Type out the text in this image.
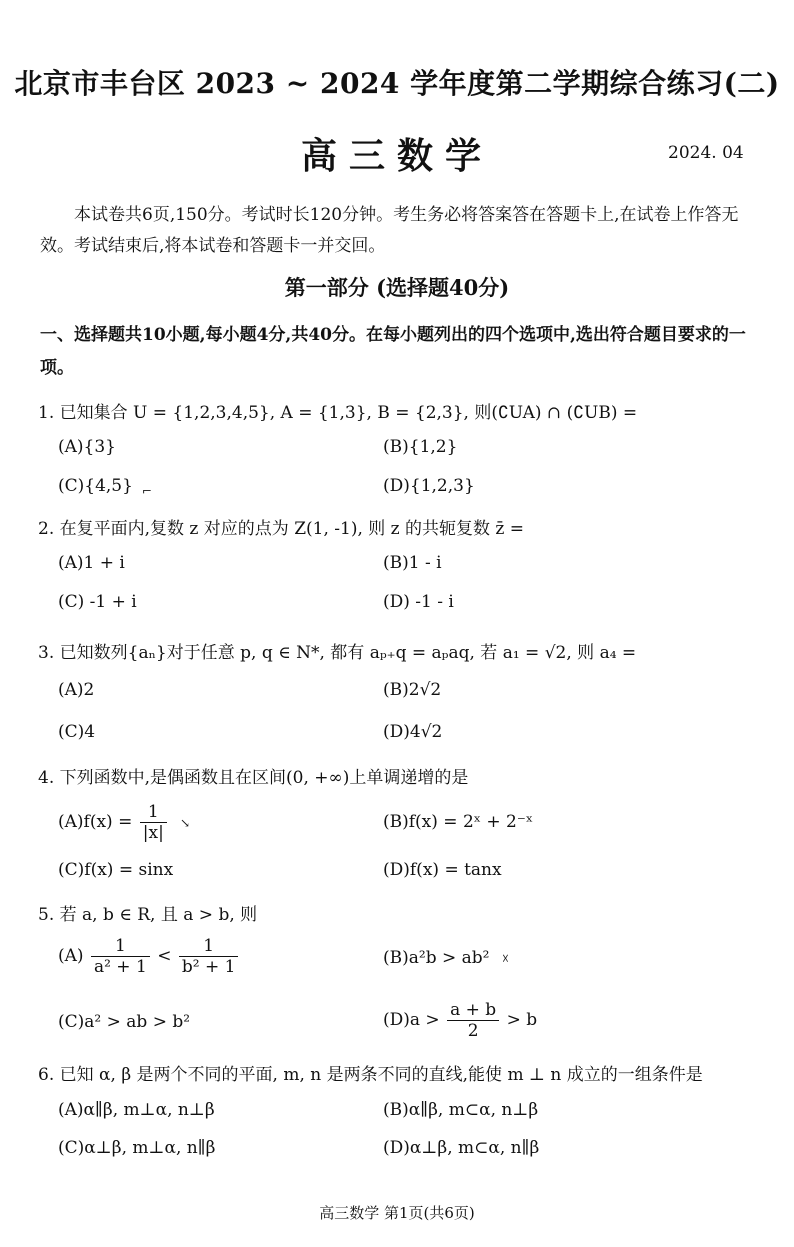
北京市丰台区 2023 ~ 2024 学年度第二学期综合练习(二)
高三数学	2024. 04
本试卷共6页,150分。考试时长120分钟。考生务必将答案答在答题卡上,在试卷上作答无效。考试结束后,将本试卷和答题卡一并交回。
第一部分 (选择题40分)
一、选择题共10小题,每小题4分,共40分。在每小题列出的四个选项中,选出符合题目要求的一项。
1. 已知集合 U = {1,2,3,4,5}, A = {1,3}, B = {2,3}, 则(∁UA) ∩ (∁UB) =
(A){3}	(B){1,2}
(C){4,5}	(D){1,2,3}
⌐
2. 在复平面内,复数 z 对应的点为 Z(1, -1), 则 z 的共轭复数 z̄ =
(A)1 + i	(B)1 - i
(C) -1 + i	(D) -1 - i
3. 已知数列{aₙ}对于任意 p, q ∈ N*, 都有 aₚ₊q = aₚaq, 若 a₁ = √2, 则 a₄ =
(A)2	(B)2√2
(C)4	(D)4√2
4. 下列函数中,是偶函数且在区间(0, +∞)上单调递增的是
$(A)f(x) = \frac{1}{|x|}$ ↘	(B)f(x) = 2ˣ + 2⁻ˣ
(C)f(x) = sinx	(D)f(x) = tanx
5. 若 a, b ∈ R, 且 a > b, 则
$(A) \frac{1}{\text{a² + 1}} < \frac{1}{\text{b² + 1}}$	(B)a²b > ab² ☓
(C)a² > ab > b²	$(D)a > \frac{a + b}{2} > b$
6. 已知 α, β 是两个不同的平面, m, n 是两条不同的直线,能使 m ⊥ n 成立的一组条件是
(A)α∥β, m⊥α, n⊥β	(B)α∥β, m⊂α, n⊥β
(C)α⊥β, m⊥α, n∥β	(D)α⊥β, m⊂α, n∥β
高三数学 第1页(共6页)
